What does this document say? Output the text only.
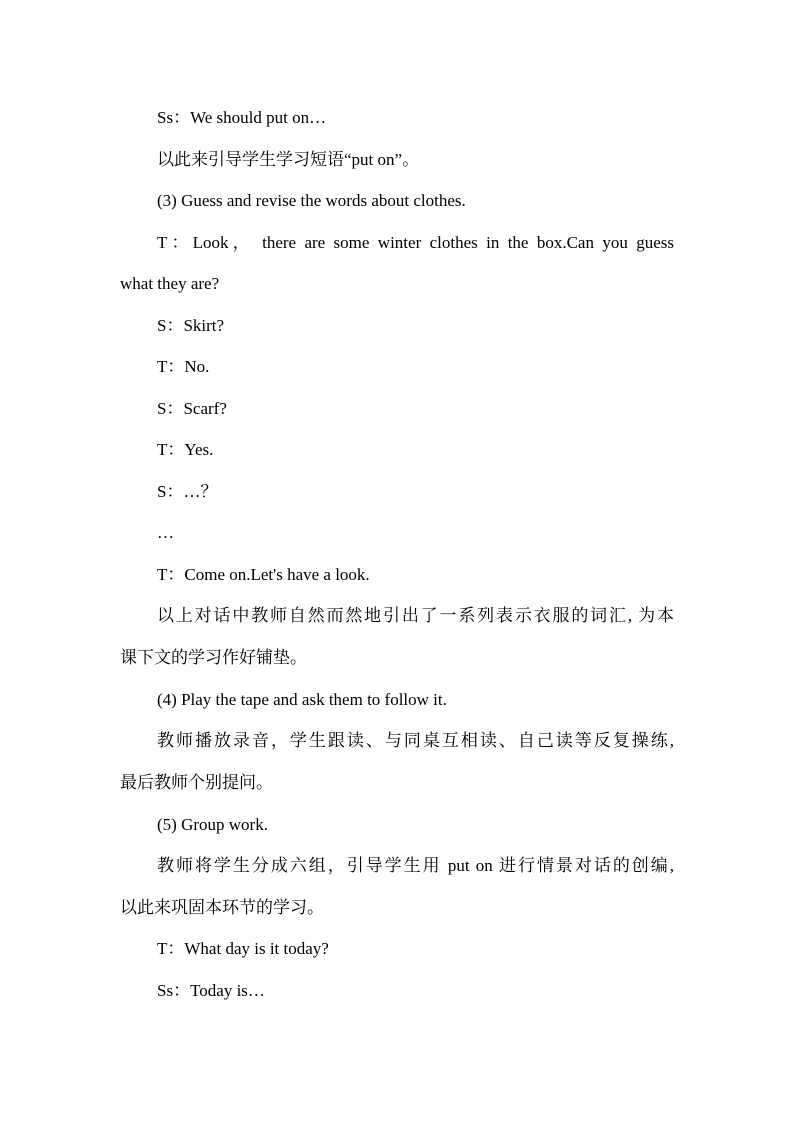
Ss：We should put on…
以此来引导学生学习短语“put on”。
(3) Guess and revise the words about clothes.
T：Look， there are some winter clothes in the box.Can you guess
what they are?
S：Skirt?
T：No.
S：Scarf?
T：Yes.
S：…？
…
T：Come on.Let's have a look.
以上对话中教师自然而然地引出了一系列表示衣服的词汇, 为本
课下文的学习作好铺垫。
(4) Play the tape and ask them to follow it.
教师播放录音，学生跟读、与同桌互相读、自己读等反复操练,
最后教师个别提问。
(5) Group work.
教师将学生分成六组，引导学生用 put on 进行情景对话的创编,
以此来巩固本环节的学习。
T：What day is it today?
Ss：Today is…
